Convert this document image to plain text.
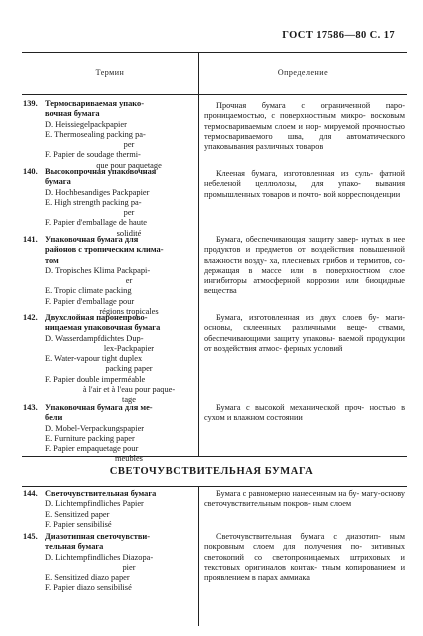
ГОСТ 17586—80 С. 17
Термин	Определение
139. Термосвариваемая упако-
вочная бумага
D. Heissiegelpackpapier
E. Thermosealing packing pa-
per
F. Papier de soudage thermi-
que pour paquetage

Прочная бумага с ограниченной паро- проницаемостью, с поверхностным микро- восковым термосвариваемым слоем и нор- мируемой прочностью термосвариваемого шва, для автоматического упаковывания различных товаров

140. Высокопрочная упаковочная
бумага
D. Hochbesandiges Packpapier
E. High strength packing pa-
per
F. Papier d'emballage de haute
solidité

Клееная бумага, изготовленная из суль- фатной небеленой целлюлозы, для упако- вывания промышленных товаров и почто- вой корреспонденции

141. Упаковочная бумага для
районов с тропическим клима-
том
D. Tropisches Klima Packpapi-
er
E. Tropic climate packing
F. Papier d'emballage pour
régions tropicales

Бумага, обеспечивающая защиту завер- нутых в нее продуктов и предметов от воздействия повышенной влажности возду- ха, плесневых грибов и термитов, со- держащая в массе или в поверхностном слое ингибиторы атмосферной коррозии или биоцидные вещества

142. Двухслойная паронепрово-
ницаемая упаковочная бумага
D. Wasserdampfdichtes Dup-
lex-Packpapier
E. Water-vapour tight duplex
packing paper
F. Papier double imperméable
à l'air et à l'eau pour paque-
tage

Бумага, изготовленная из двух слоев бу- маги-основы, склеенных различными веще- ствами, обеспечивающими защиту упаковы- ваемой продукции от воздействия атмос- ферных условий

143. Упаковочная бумага для ме-
бели
D. Mobel-Verpackungspapier
E. Furniture packing paper
F. Papier empaquetage pour
meubles

Бумага с высокой механической проч- ностью в сухом и влажном состоянии

СВЕТОЧУВСТВИТЕЛЬНАЯ БУМАГА
144. Светочувствительная бумага
D. Lichtempfindliches Papier
E. Sensitized paper
F. Papier sensibilisé

Бумага с равномерно нанесенным на бу- магу-основу светочувствительным покров- ным слоем

145. Диазотипная светочувстви-
тельная бумага
D. Lichtempfindliches Diazopa-
pier
E. Sensitized diazo paper
F. Papier diazo sensibilisé

Светочувствительная бумага с диазотип- ным покровным слоем для получения по- зитивных светокопий со светопроницаемых штриховых и текстовых оригиналов контак- тным копированием и проявлением в парах аммиака
